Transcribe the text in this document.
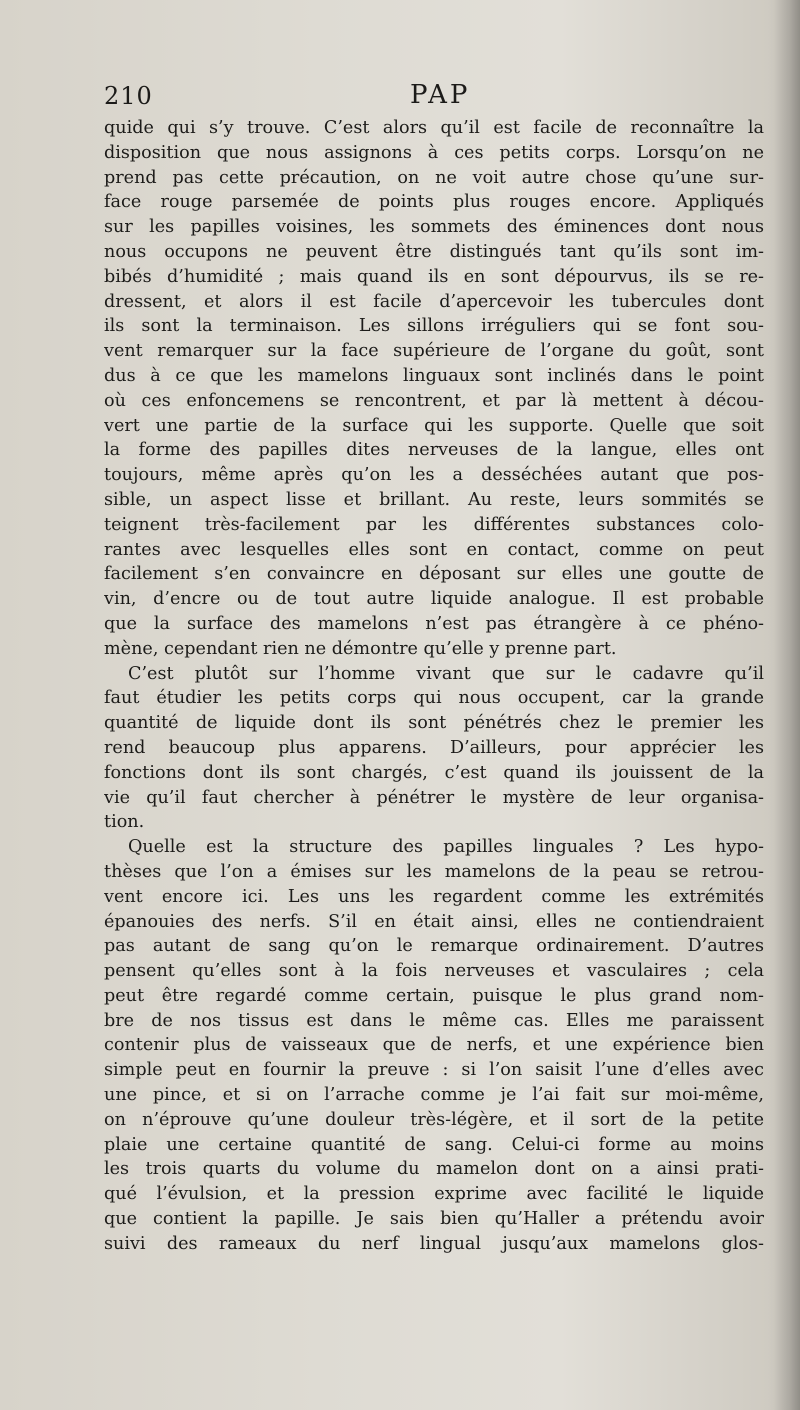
210	PAP
quide qui s’y trouve. C’est alors qu’il est facile de reconnaître la
disposition que nous assignons à ces petits corps. Lorsqu’on ne
prend pas cette précaution, on ne voit autre chose qu’une sur-
face rouge parsemée de points plus rouges encore. Appliqués
sur les papilles voisines, les sommets des éminences dont nous
nous occupons ne peuvent être distingués tant qu’ils sont im-
bibés d’humidité ; mais quand ils en sont dépourvus, ils se re-
dressent, et alors il est facile d’apercevoir les tubercules dont
ils sont la terminaison. Les sillons irréguliers qui se font sou-
vent remarquer sur la face supérieure de l’organe du goût, sont
dus à ce que les mamelons linguaux sont inclinés dans le point
où ces enfoncemens se rencontrent, et par là mettent à décou-
vert une partie de la surface qui les supporte. Quelle que soit
la forme des papilles dites nerveuses de la langue, elles ont
toujours, même après qu’on les a desséchées autant que pos-
sible, un aspect lisse et brillant. Au reste, leurs sommités se
teignent très-facilement par les différentes substances colo-
rantes avec lesquelles elles sont en contact, comme on peut
facilement s’en convaincre en déposant sur elles une goutte de
vin, d’encre ou de tout autre liquide analogue. Il est probable
que la surface des mamelons n’est pas étrangère à ce phéno-
mène, cependant rien ne démontre qu’elle y prenne part.
C’est plutôt sur l’homme vivant que sur le cadavre qu’il
faut étudier les petits corps qui nous occupent, car la grande
quantité de liquide dont ils sont pénétrés chez le premier les
rend beaucoup plus apparens. D’ailleurs, pour apprécier les
fonctions dont ils sont chargés, c’est quand ils jouissent de la
vie qu’il faut chercher à pénétrer le mystère de leur organisa-
tion.
Quelle est la structure des papilles linguales ? Les hypo-
thèses que l’on a émises sur les mamelons de la peau se retrou-
vent encore ici. Les uns les regardent comme les extrémités
épanouies des nerfs. S’il en était ainsi, elles ne contiendraient
pas autant de sang qu’on le remarque ordinairement. D’autres
pensent qu’elles sont à la fois nerveuses et vasculaires ; cela
peut être regardé comme certain, puisque le plus grand nom-
bre de nos tissus est dans le même cas. Elles me paraissent
contenir plus de vaisseaux que de nerfs, et une expérience bien
simple peut en fournir la preuve : si l’on saisit l’une d’elles avec
une pince, et si on l’arrache comme je l’ai fait sur moi-même,
on n’éprouve qu’une douleur très-légère, et il sort de la petite
plaie une certaine quantité de sang. Celui-ci forme au moins
les trois quarts du volume du mamelon dont on a ainsi prati-
qué l’évulsion, et la pression exprime avec facilité le liquide
que contient la papille. Je sais bien qu’Haller a prétendu avoir
suivi des rameaux du nerf lingual jusqu’aux mamelons glos-
